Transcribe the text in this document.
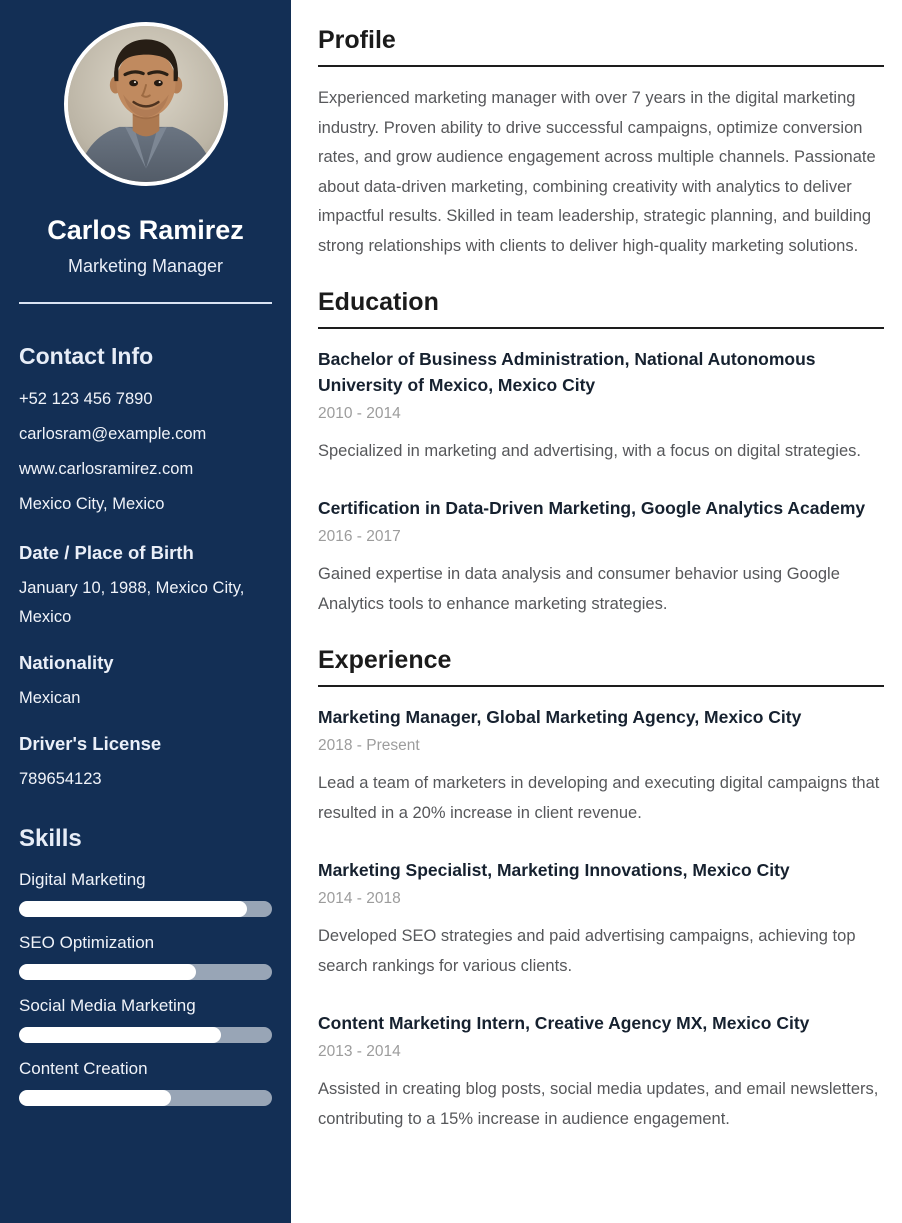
Carlos Ramirez
Marketing Manager
Contact Info
+52 123 456 7890
carlosram@example.com
www.carlosramirez.com
Mexico City, Mexico
Date / Place of Birth
January 10, 1988, Mexico City, Mexico
Nationality
Mexican
Driver's License
789654123
Skills
Digital Marketing
SEO Optimization
Social Media Marketing
Content Creation
Profile

Experienced marketing manager with over 7 years in the digital marketing industry. Proven ability to drive successful campaigns, optimize conversion rates, and grow audience engagement across multiple channels. Passionate about data-driven marketing, combining creativity with analytics to deliver impactful results. Skilled in team leadership, strategic planning, and building strong relationships with clients to deliver high-quality marketing solutions.

Education
Bachelor of Business Administration, National Autonomous University of Mexico, Mexico City
2010 - 2014
Specialized in marketing and advertising, with a focus on digital strategies.
Certification in Data-Driven Marketing, Google Analytics Academy
2016 - 2017
Gained expertise in data analysis and consumer behavior using Google Analytics tools to enhance marketing strategies.
Experience
Marketing Manager, Global Marketing Agency, Mexico City
2018 - Present
Lead a team of marketers in developing and executing digital campaigns that resulted in a 20% increase in client revenue.
Marketing Specialist, Marketing Innovations, Mexico City
2014 - 2018
Developed SEO strategies and paid advertising campaigns, achieving top search rankings for various clients.
Content Marketing Intern, Creative Agency MX, Mexico City
2013 - 2014
Assisted in creating blog posts, social media updates, and email newsletters, contributing to a 15% increase in audience engagement.
